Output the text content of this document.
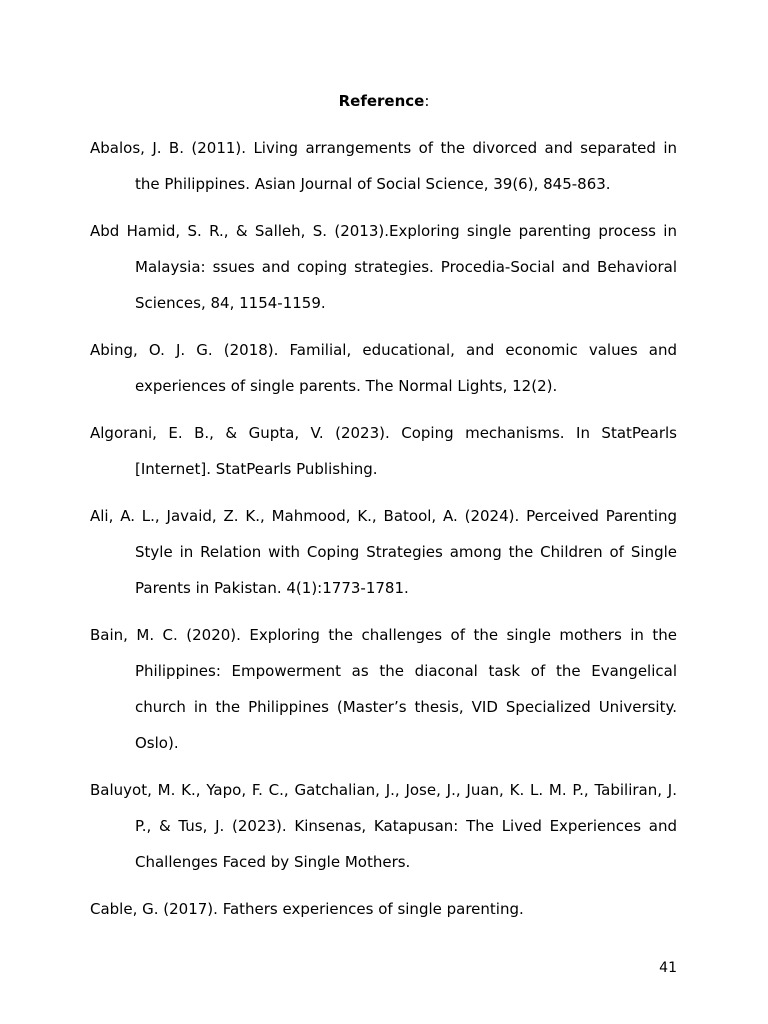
Reference:

Abalos, J. B. (2011). Living arrangements of the divorced and separated in the Philippines. Asian Journal of Social Science, 39(6), 845-863.

Abd Hamid, S. R., & Salleh, S. (2013).Exploring single parenting process in Malaysia: ssues and coping strategies. Procedia-Social and Behavioral Sciences, 84, 1154-1159.

Abing, O. J. G. (2018). Familial, educational, and economic values and experiences of single parents. The Normal Lights, 12(2).

Algorani, E. B., & Gupta, V. (2023). Coping mechanisms. In StatPearls [Internet]. StatPearls Publishing.

Ali, A. L., Javaid, Z. K., Mahmood, K., Batool, A. (2024). Perceived Parenting Style in Relation with Coping Strategies among the Children of Single Parents in Pakistan. 4(1):1773-1781.

Bain, M. C. (2020). Exploring the challenges of the single mothers in the Philippines: Empowerment as the diaconal task of the Evangelical church in the Philippines (Master’s thesis, VID Specialized University. Oslo).

Baluyot, M. K., Yapo, F. C., Gatchalian, J., Jose, J., Juan, K. L. M. P., Tabiliran, J. P., & Tus, J. (2023). Kinsenas, Katapusan: The Lived Experiences and Challenges Faced by Single Mothers.

Cable, G. (2017). Fathers experiences of single parenting.

41
